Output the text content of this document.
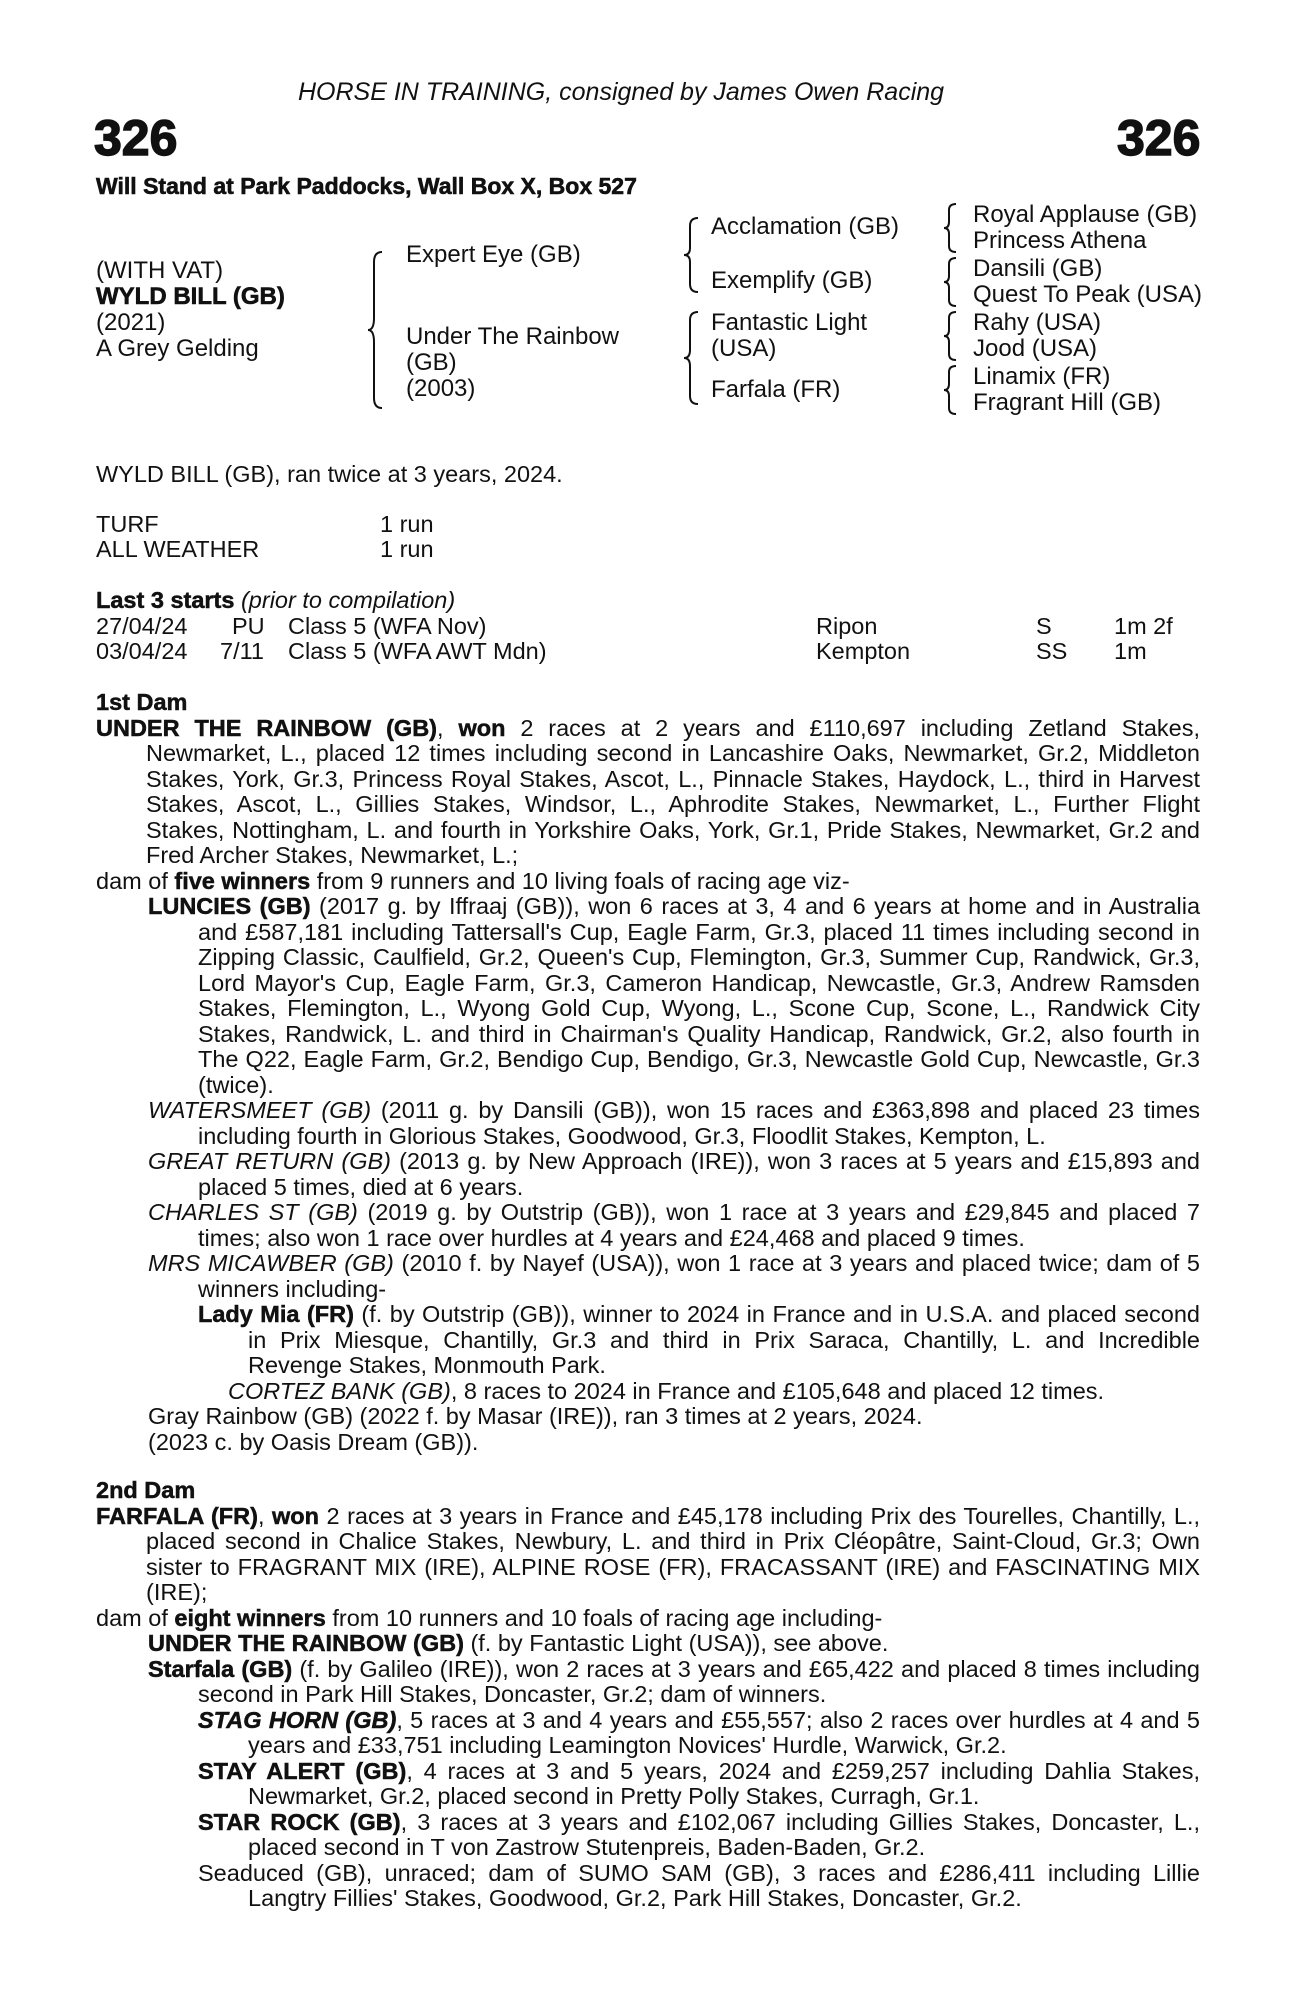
HORSE IN TRAINING, consigned by James Owen Racing
326	326
Will Stand at Park Paddocks, Wall Box X, Box 527
(WITH VAT)
WYLD BILL (GB)
(2021)
A Grey Gelding
Expert Eye (GB)
Under The Rainbow
(GB)
(2003)
Acclamation (GB)
Exemplify (GB)
Fantastic Light
(USA)
Farfala (FR)
Royal Applause (GB)
Princess Athena
Dansili (GB)
Quest To Peak (USA)
Rahy (USA)
Jood (USA)
Linamix (FR)
Fragrant Hill (GB)
WYLD BILL (GB), ran twice at 3 years, 2024.
TURF	1 run
ALL WEATHER	1 run
Last 3 starts (prior to compilation)
27/04/24 PU Class 5 (WFA Nov)	Ripon	S	1m 2f
03/04/24 7/11 Class 5 (WFA AWT Mdn)	Kempton	SS 1m
1st Dam

UNDER THE RAINBOW (GB), won 2 races at 2 years and £110,697 including Zetland Stakes, Newmarket, L., placed 12 times including second in Lancashire Oaks, Newmarket, Gr.2, Middleton Stakes, York, Gr.3, Princess Royal Stakes, Ascot, L., Pinnacle Stakes, Haydock, L., third in Harvest Stakes, Ascot, L., Gillies Stakes, Windsor, L., Aphrodite Stakes, Newmarket, L., Further Flight Stakes, Nottingham, L. and fourth in Yorkshire Oaks, York, Gr.1, Pride Stakes, Newmarket, Gr.2 and Fred Archer Stakes, Newmarket, L.;

dam of five winners from 9 runners and 10 living foals of racing age viz-

LUNCIES (GB) (2017 g. by Iffraaj (GB)), won 6 races at 3, 4 and 6 years at home and in Australia and £587,181 including Tattersall's Cup, Eagle Farm, Gr.3, placed 11 times including second in Zipping Classic, Caulfield, Gr.2, Queen's Cup, Flemington, Gr.3, Summer Cup, Randwick, Gr.3, Lord Mayor's Cup, Eagle Farm, Gr.3, Cameron Handicap, Newcastle, Gr.3, Andrew Ramsden Stakes, Flemington, L., Wyong Gold Cup, Wyong, L., Scone Cup, Scone, L., Randwick City Stakes, Randwick, L. and third in Chairman's Quality Handicap, Randwick, Gr.2, also fourth in The Q22, Eagle Farm, Gr.2, Bendigo Cup, Bendigo, Gr.3, Newcastle Gold Cup, Newcastle, Gr.3 (twice).

WATERSMEET (GB) (2011 g. by Dansili (GB)), won 15 races and £363,898 and placed 23 times including fourth in Glorious Stakes, Goodwood, Gr.3, Floodlit Stakes, Kempton, L.

GREAT RETURN (GB) (2013 g. by New Approach (IRE)), won 3 races at 5 years and £15,893 and placed 5 times, died at 6 years.

CHARLES ST (GB) (2019 g. by Outstrip (GB)), won 1 race at 3 years and £29,845 and placed 7 times; also won 1 race over hurdles at 4 years and £24,468 and placed 9 times.

MRS MICAWBER (GB) (2010 f. by Nayef (USA)), won 1 race at 3 years and placed twice; dam of 5 winners including-

Lady Mia (FR) (f. by Outstrip (GB)), winner to 2024 in France and in U.S.A. and placed second in Prix Miesque, Chantilly, Gr.3 and third in Prix Saraca, Chantilly, L. and Incredible Revenge Stakes, Monmouth Park.

CORTEZ BANK (GB), 8 races to 2024 in France and £105,648 and placed 12 times.

Gray Rainbow (GB) (2022 f. by Masar (IRE)), ran 3 times at 2 years, 2024.

(2023 c. by Oasis Dream (GB)).

2nd Dam

FARFALA (FR), won 2 races at 3 years in France and £45,178 including Prix des Tourelles, Chantilly, L., placed second in Chalice Stakes, Newbury, L. and third in Prix Cléopâtre, Saint-Cloud, Gr.3; Own sister to FRAGRANT MIX (IRE), ALPINE ROSE (FR), FRACASSANT (IRE) and FASCINATING MIX (IRE);

dam of eight winners from 10 runners and 10 foals of racing age including-

UNDER THE RAINBOW (GB) (f. by Fantastic Light (USA)), see above.

Starfala (GB) (f. by Galileo (IRE)), won 2 races at 3 years and £65,422 and placed 8 times including second in Park Hill Stakes, Doncaster, Gr.2; dam of winners.

STAG HORN (GB), 5 races at 3 and 4 years and £55,557; also 2 races over hurdles at 4 and 5 years and £33,751 including Leamington Novices' Hurdle, Warwick, Gr.2.

STAY ALERT (GB), 4 races at 3 and 5 years, 2024 and £259,257 including Dahlia Stakes, Newmarket, Gr.2, placed second in Pretty Polly Stakes, Curragh, Gr.1.

STAR ROCK (GB), 3 races at 3 years and £102,067 including Gillies Stakes, Doncaster, L., placed second in T von Zastrow Stutenpreis, Baden-Baden, Gr.2.

Seaduced (GB), unraced; dam of SUMO SAM (GB), 3 races and £286,411 including Lillie Langtry Fillies' Stakes, Goodwood, Gr.2, Park Hill Stakes, Doncaster, Gr.2.
